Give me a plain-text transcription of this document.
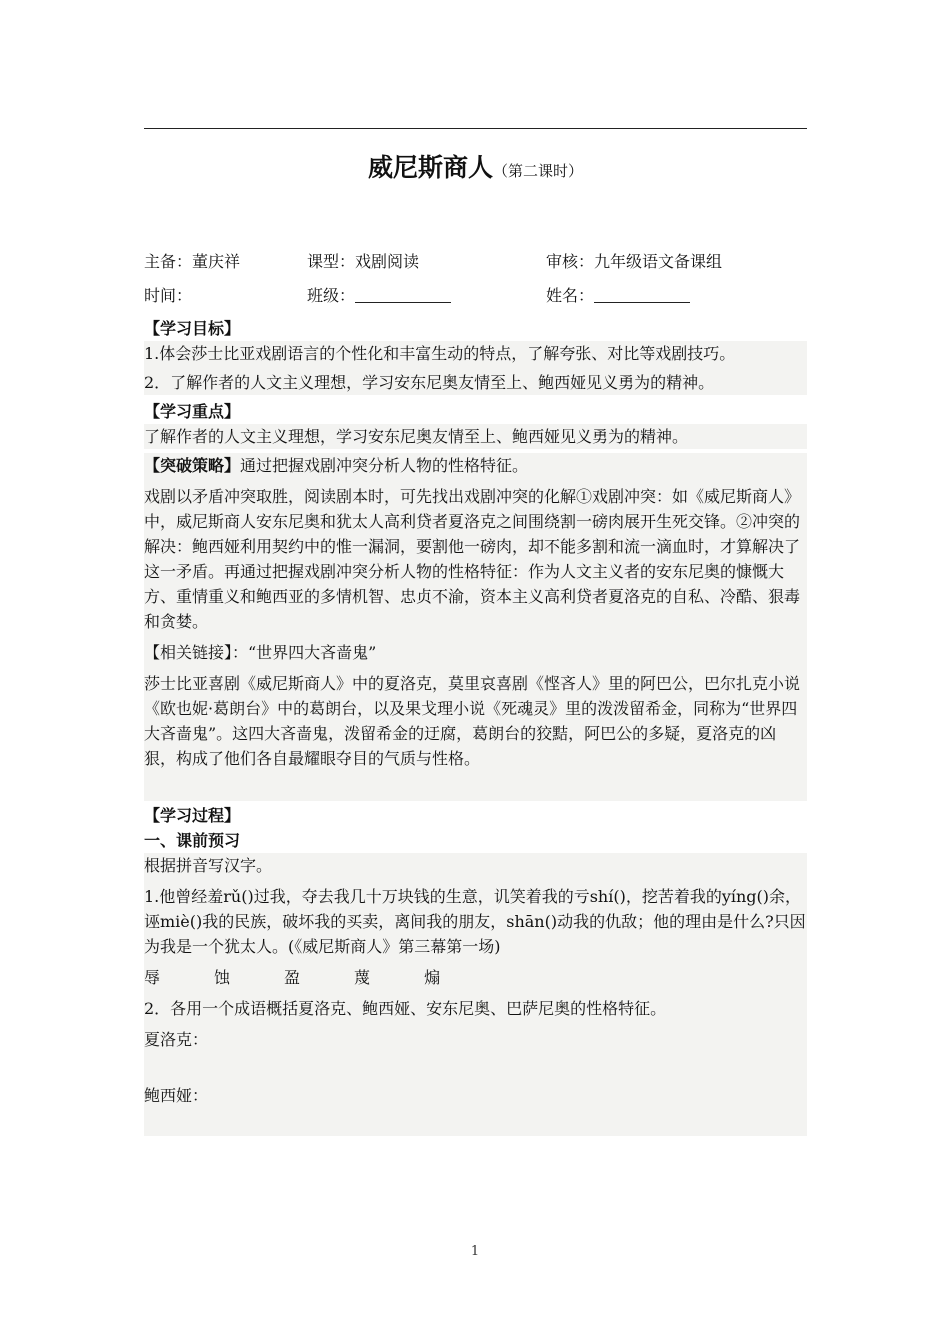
威尼斯商人（第二课时）
主备：董庆祥	课型：戏剧阅读	审核：九年级语文备课组
时间：	班级：	姓名：
【学习目标】

1.体会莎士比亚戏剧语言的个性化和丰富生动的特点，了解夸张、对比等戏剧技巧。

2．了解作者的人文主义理想，学习安东尼奥友情至上、鲍西娅见义勇为的精神。

【学习重点】

了解作者的人文主义理想，学习安东尼奥友情至上、鲍西娅见义勇为的精神。

【突破策略】通过把握戏剧冲突分析人物的性格特征。

戏剧以矛盾冲突取胜，阅读剧本时，可先找出戏剧冲突的化解①戏剧冲突：如《威尼斯商人》中，威尼斯商人安东尼奥和犹太人高利贷者夏洛克之间围绕割一磅肉展开生死交锋。②冲突的解决：鲍西娅利用契约中的惟一漏洞，要割他一磅肉，却不能多割和流一滴血时，才算解决了这一矛盾。再通过把握戏剧冲突分析人物的性格特征：作为人文主义者的安东尼奥的慷慨大方、重情重义和鲍西亚的多情机智、忠贞不渝，资本主义高利贷者夏洛克的自私、冷酷、狠毒和贪婪。

【相关链接】：“世界四大吝啬鬼”

莎士比亚喜剧《威尼斯商人》中的夏洛克，莫里哀喜剧《悭吝人》里的阿巴公，巴尔扎克小说《欧也妮·葛朗台》中的葛朗台，以及果戈理小说《死魂灵》里的泼泼留希金，同称为“世界四大吝啬鬼”。这四大吝啬鬼，泼留希金的迂腐，葛朗台的狡黠，阿巴公的多疑，夏洛克的凶狠，构成了他们各自最耀眼夺目的气质与性格。

【学习过程】
一、课前预习

根据拼音写汉字。

1.他曾经羞rǔ()过我，夺去我几十万块钱的生意，讥笑着我的亏shí()，挖苦着我的yíng()余，诬miè()我的民族，破坏我的买卖，离间我的朋友，shān()动我的仇敌；他的理由是什么?只因为我是一个犹太人。(《威尼斯商人》第三幕第一场)

辱	蚀	盈	蔑	煽

2．各用一个成语概括夏洛克、鲍西娅、安东尼奥、巴萨尼奥的性格特征。

夏洛克：

鲍西娅：

1
